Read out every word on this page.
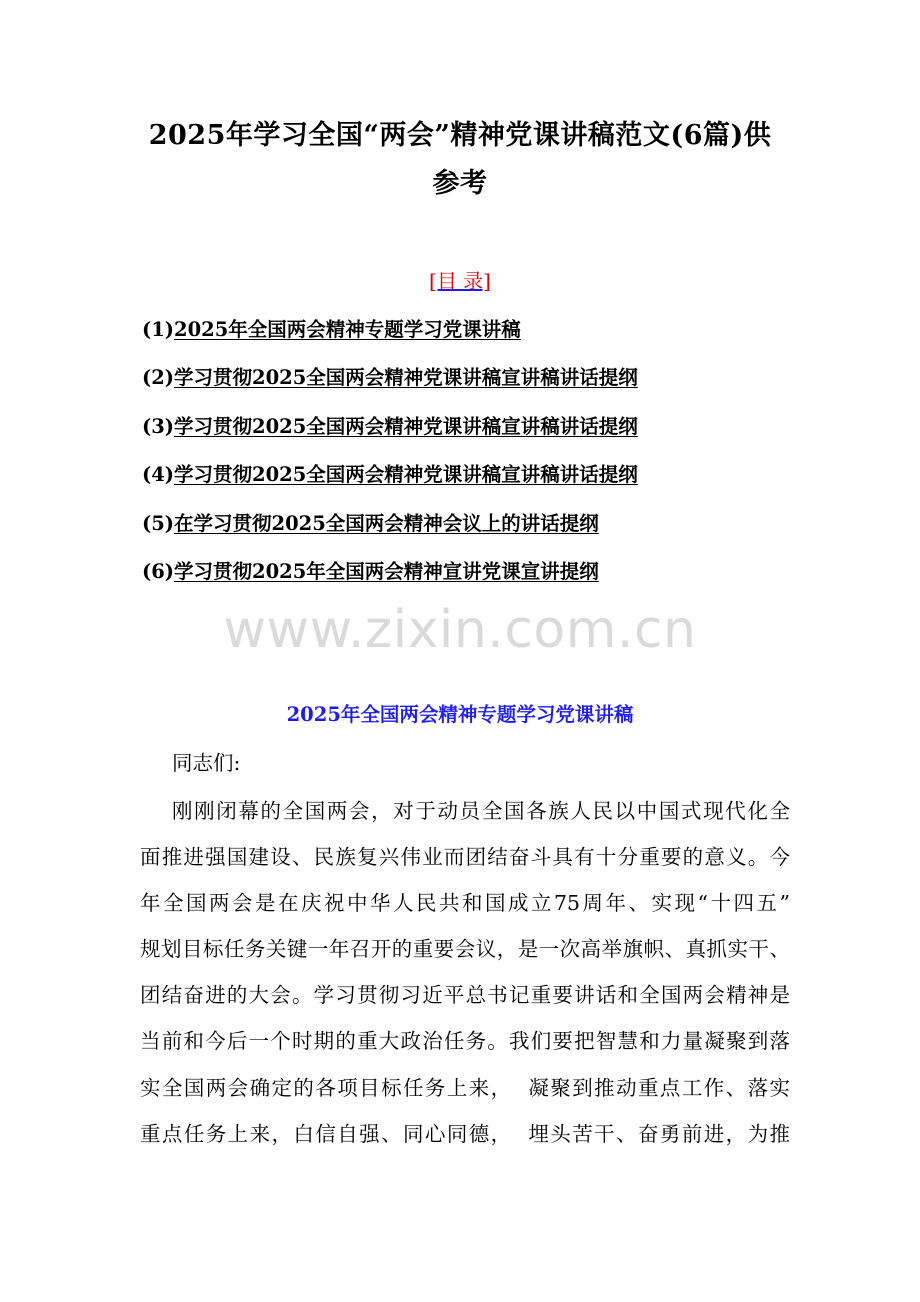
2025年学习全国“两会”精神党课讲稿范文(6篇)供
参考
[目 录]
(1)2025年全国两会精神专题学习党课讲稿
(2)学习贯彻2025全国两会精神党课讲稿宣讲稿讲话提纲
(3)学习贯彻2025全国两会精神党课讲稿宣讲稿讲话提纲
(4)学习贯彻2025全国两会精神党课讲稿宣讲稿讲话提纲
(5)在学习贯彻2025全国两会精神会议上的讲话提纲
(6)学习贯彻2025年全国两会精神宣讲党课宣讲提纲
www.zixin.com.cn
2025年全国两会精神专题学习党课讲稿
同志们:
刚刚闭幕的全国两会，对于动员全国各族人民以中国式现代化全
面推进强国建设、民族复兴伟业而团结奋斗具有十分重要的意义。今
年全国两会是在庆祝中华人民共和国成立75周年、实现“十四五”
规划目标任务关键一年召开的重要会议，是一次高举旗帜、真抓实干、
团结奋进的大会。学习贯彻习近平总书记重要讲话和全国两会精神是
当前和今后一个时期的重大政治任务。我们要把智慧和力量凝聚到落
实全国两会确定的各项目标任务上来，  凝聚到推动重点工作、落实
重点任务上来，白信自强、同心同德，  埋头苦干、奋勇前进，为推
